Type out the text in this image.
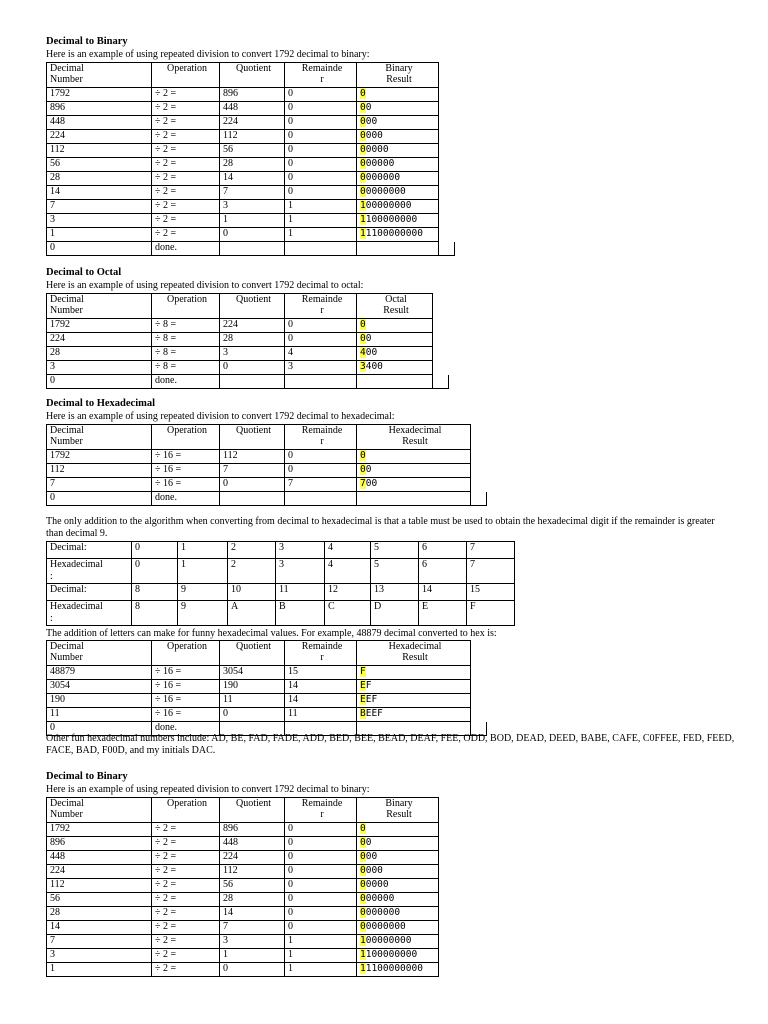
Decimal to Binary
Here is an example of using repeated division to convert 1792 decimal to binary:
Decimal
Number	Operation	Quotient	Remainde
r	Binary
Result	
1792	÷ 2 =	896	0	0	
896	÷ 2 =	448	0	00	
448	÷ 2 =	224	0	000	
224	÷ 2 =	112	0	0000	
112	÷ 2 =	56	0	00000	
56	÷ 2 =	28	0	000000	
28	÷ 2 =	14	0	0000000	
14	÷ 2 =	7	0	00000000	
7	÷ 2 =	3	1	100000000	
3	÷ 2 =	1	1	1100000000	
1	÷ 2 =	0	1	11100000000	
0	done.				
Decimal to Octal
Here is an example of using repeated division to convert 1792 decimal to octal:
Decimal
Number	Operation	Quotient	Remainde
r	Octal
Result	
1792	÷ 8 =	224	0	0	
224	÷ 8 =	28	0	00	
28	÷ 8 =	3	4	400	
3	÷ 8 =	0	3	3400	
0	done.				
Decimal to Hexadecimal
Here is an example of using repeated division to convert 1792 decimal to hexadecimal:
Decimal
Number	Operation	Quotient	Remainde
r	Hexadecimal
Result	
1792	÷ 16 =	112	0	0	
112	÷ 16 =	7	0	00	
7	÷ 16 =	0	7	700	
0	done.				
The only addition to the algorithm when converting from decimal to hexadecimal is that a table must be used to obtain the hexadecimal digit if the remainder is greater than decimal 9.
Decimal:	0	1	2	3	4	5	6	7
Hexadecimal
:	0	1	2	3	4	5	6	7
Decimal:	8	9	10	11	12	13	14	15
Hexadecimal
:	8	9	A	B	C	D	E	F
The addition of letters can make for funny hexadecimal values. For example, 48879 decimal converted to hex is:
Decimal
Number	Operation	Quotient	Remainde
r	Hexadecimal
Result	
48879	÷ 16 =	3054	15	F	
3054	÷ 16 =	190	14	EF	
190	÷ 16 =	11	14	EEF	
11	÷ 16 =	0	11	BEEF	
0	done.				
Other fun hexadecimal numbers include: AD, BE, FAD, FADE, ADD, BED, BEE, BEAD, DEAF, FEE, ODD, BOD, DEAD, DEED, BABE, CAFE, C0FFEE, FED, FEED, FACE, BAD, F00D, and my initials DAC.
Decimal to Binary
Here is an example of using repeated division to convert 1792 decimal to binary:
Decimal
Number	Operation	Quotient	Remainde
r	Binary
Result	
1792	÷ 2 =	896	0	0	
896	÷ 2 =	448	0	00	
448	÷ 2 =	224	0	000	
224	÷ 2 =	112	0	0000	
112	÷ 2 =	56	0	00000	
56	÷ 2 =	28	0	000000	
28	÷ 2 =	14	0	0000000	
14	÷ 2 =	7	0	00000000	
7	÷ 2 =	3	1	100000000	
3	÷ 2 =	1	1	1100000000	
1	÷ 2 =	0	1	11100000000	
